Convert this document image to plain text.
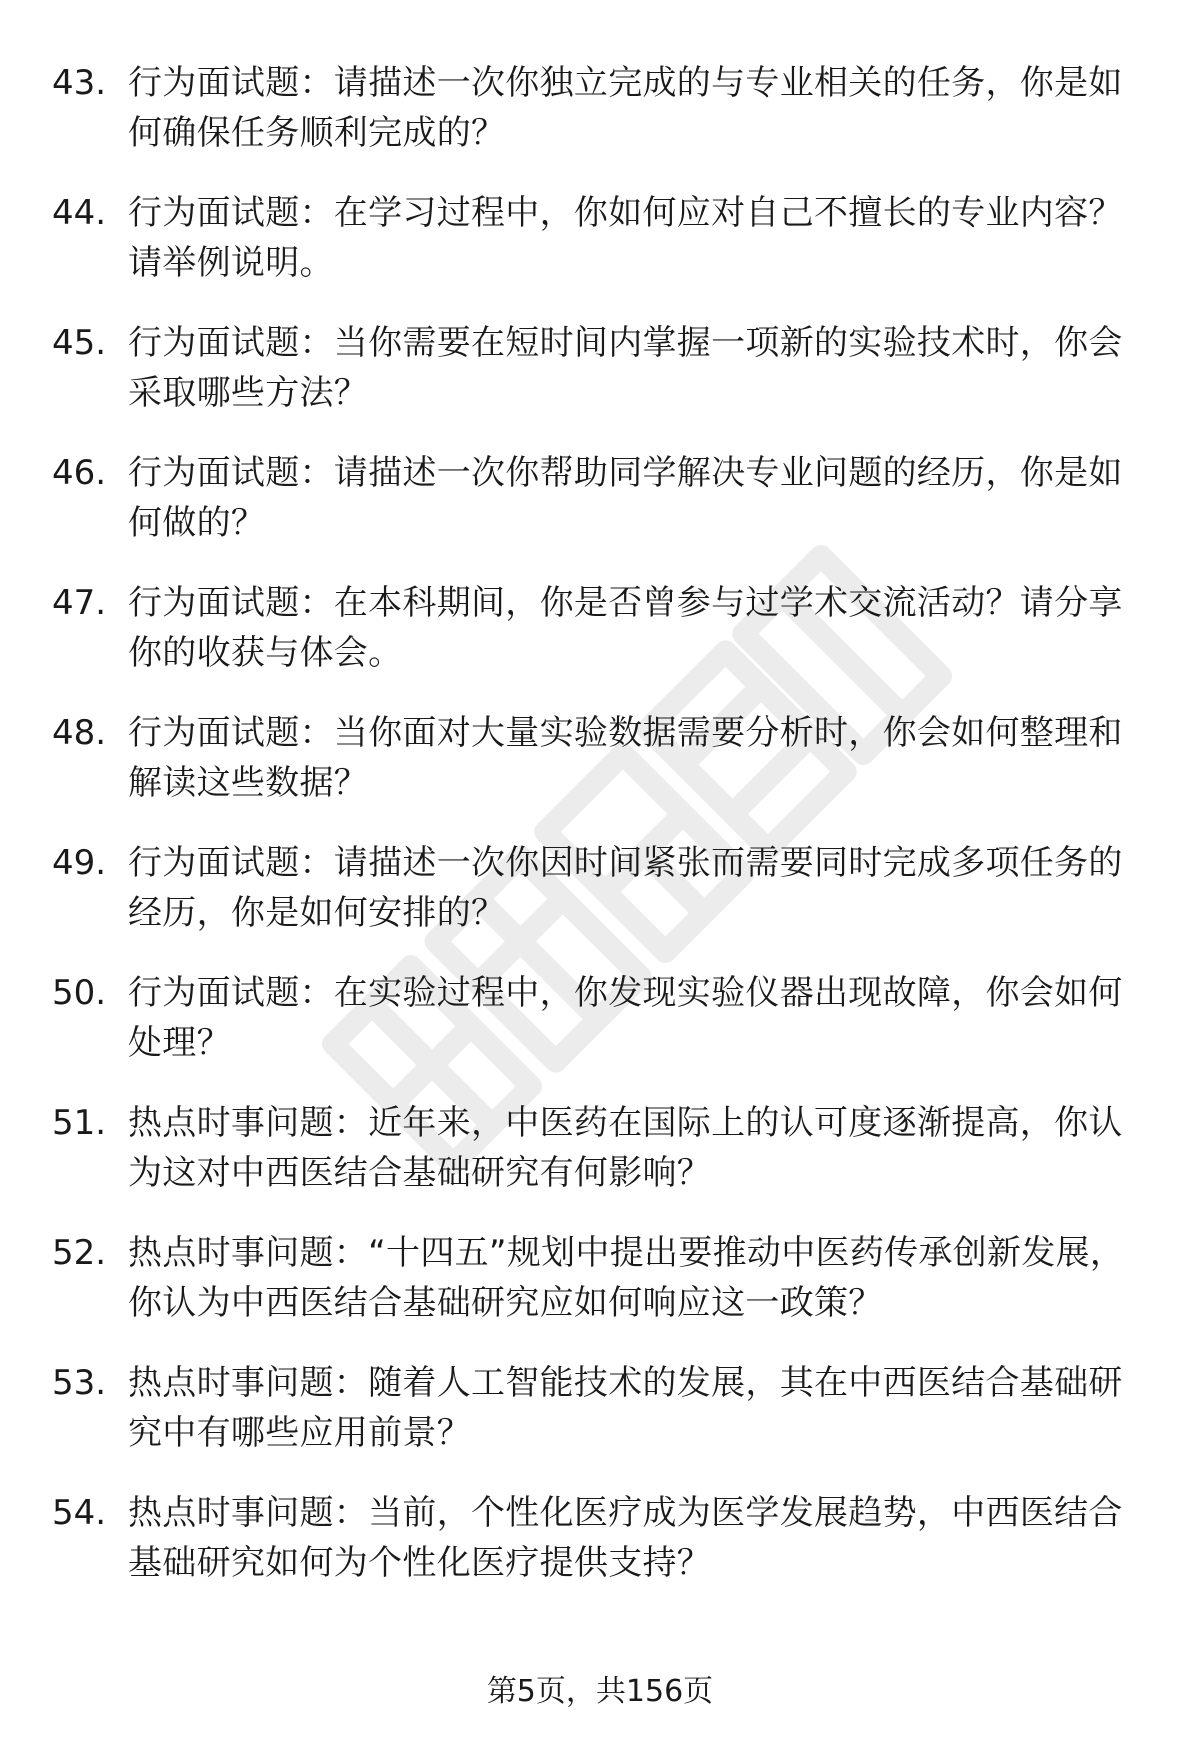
43. 行为面试题：请描述一次你独立完成的与专业相关的任务，你是如何确保任务顺利完成的？
44. 行为面试题：在学习过程中，你如何应对自己不擅长的专业内容？请举例说明。
45. 行为面试题：当你需要在短时间内掌握一项新的实验技术时，你会采取哪些方法？
46. 行为面试题：请描述一次你帮助同学解决专业问题的经历，你是如何做的？
47. 行为面试题：在本科期间，你是否曾参与过学术交流活动？请分享你的收获与体会。
48. 行为面试题：当你面对大量实验数据需要分析时，你会如何整理和解读这些数据？
49. 行为面试题：请描述一次你因时间紧张而需要同时完成多项任务的经历，你是如何安排的？
50. 行为面试题：在实验过程中，你发现实验仪器出现故障，你会如何处理？
51. 热点时事问题：近年来，中医药在国际上的认可度逐渐提高，你认为这对中西医结合基础研究有何影响？
52. 热点时事问题：“十四五”规划中提出要推动中医药传承创新发展，你认为中西医结合基础研究应如何响应这一政策？
53. 热点时事问题：随着人工智能技术的发展，其在中西医结合基础研究中有哪些应用前景？
54. 热点时事问题：当前，个性化医疗成为医学发展趋势，中西医结合基础研究如何为个性化医疗提供支持？
第5页，共156页
